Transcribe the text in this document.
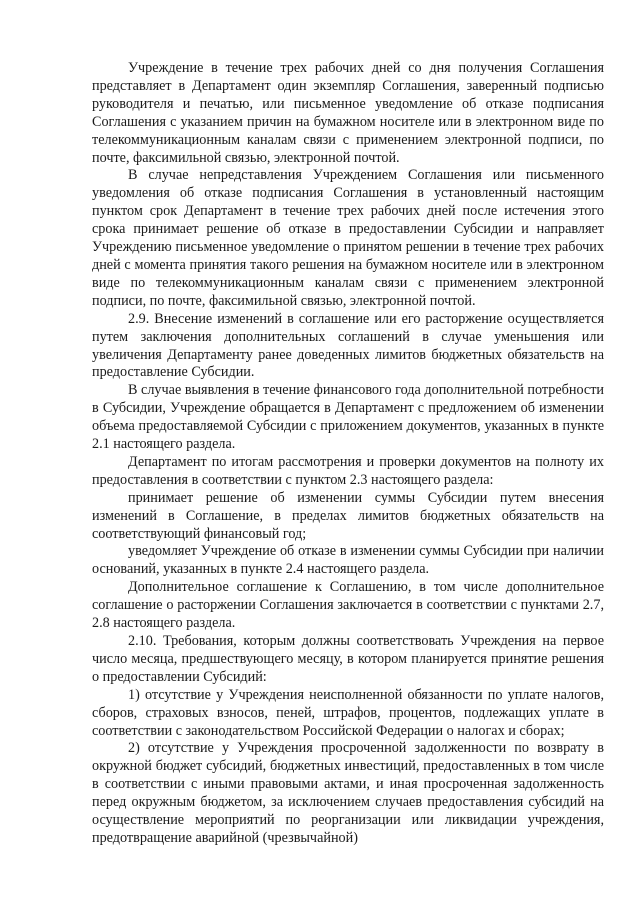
Учреждение в течение трех рабочих дней со дня получения Соглашения представляет в Департамент один экземпляр Соглашения, заверенный подписью руководителя и печатью, или письменное уведомление об отказе подписания Соглашения с указанием причин на бумажном носителе или в электронном виде по телекоммуникационным каналам связи с применением электронной подписи, по почте, факсимильной связью, электронной почтой.

В случае непредставления Учреждением Соглашения или письменного уведомления об отказе подписания Соглашения в установленный настоящим пунктом срок Департамент в течение трех рабочих дней после истечения этого срока принимает решение об отказе в предоставлении Субсидии и направляет Учреждению письменное уведомление о принятом решении в течение трех рабочих дней с момента принятия такого решения на бумажном носителе или в электронном виде по телекоммуникационным каналам связи с применением электронной подписи, по почте, факсимильной связью, электронной почтой.

2.9. Внесение изменений в соглашение или его расторжение осуществляется путем заключения дополнительных соглашений в случае уменьшения или увеличения Департаменту ранее доведенных лимитов бюджетных обязательств на предоставление Субсидии.

В случае выявления в течение финансового года дополнительной потребности в Субсидии, Учреждение обращается в Департамент с предложением об изменении объема предоставляемой Субсидии с приложением документов, указанных в пункте 2.1 настоящего раздела.

Департамент по итогам рассмотрения и проверки документов на полноту их предоставления в соответствии с пунктом 2.3 настоящего раздела:

принимает решение об изменении суммы Субсидии путем внесения изменений в Соглашение, в пределах лимитов бюджетных обязательств на соответствующий финансовый год;

уведомляет Учреждение об отказе в изменении суммы Субсидии при наличии оснований, указанных в пункте 2.4 настоящего раздела.

Дополнительное соглашение к Соглашению, в том числе дополнительное соглашение о расторжении Соглашения заключается в соответствии с пунктами 2.7, 2.8 настоящего раздела.

2.10. Требования, которым должны соответствовать Учреждения на первое число месяца, предшествующего месяцу, в котором планируется принятие решения о предоставлении Субсидий:

1) отсутствие у Учреждения неисполненной обязанности по уплате налогов, сборов, страховых взносов, пеней, штрафов, процентов, подлежащих уплате в соответствии с законодательством Российской Федерации о налогах и сборах;

2) отсутствие у Учреждения просроченной задолженности по возврату в окружной бюджет субсидий, бюджетных инвестиций, предоставленных в том числе в соответствии с иными правовыми актами, и иная просроченная задолженность перед окружным бюджетом, за исключением случаев предоставления субсидий на осуществление мероприятий по реорганизации или ликвидации учреждения, предотвращение аварийной (чрезвычайной)
